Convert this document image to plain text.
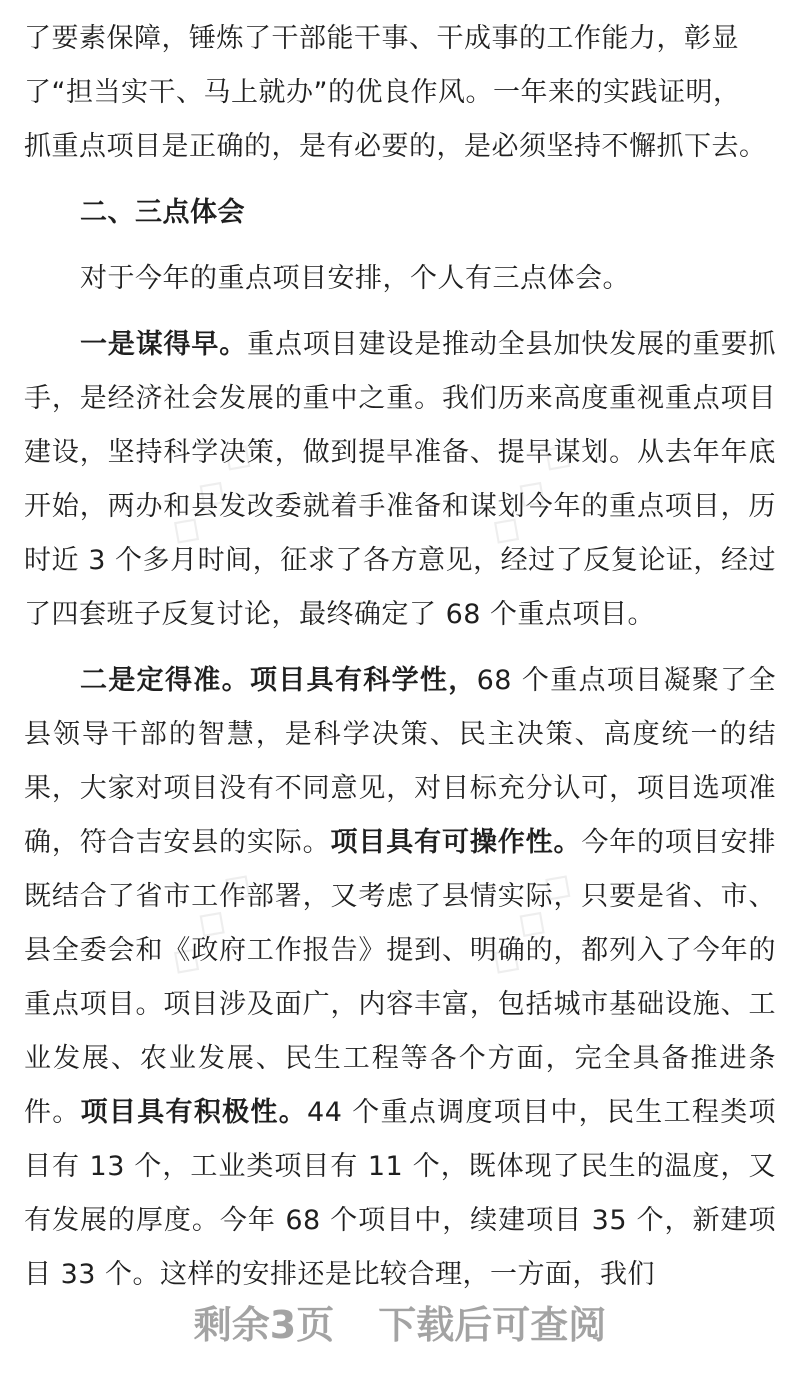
◇ ◇ ◇	◇ ◇ ◇
◇ ◇ ◇	◇ ◇ ◇

了要素保障，锤炼了干部能干事、干成事的工作能力，彰显
了“担当实干、马上就办”的优良作风。一年来的实践证明，
抓重点项目是正确的，是有必要的，是必须坚持不懈抓下去。

二、三点体会

对于今年的重点项目安排，个人有三点体会。

一是谋得早。重点项目建设是推动全县加快发展的重要抓手，是经济社会发展的重中之重。我们历来高度重视重点项目建设，坚持科学决策，做到提早准备、提早谋划。从去年年底开始，两办和县发改委就着手准备和谋划今年的重点项目，历时近 3 个多月时间，征求了各方意见，经过了反复论证，经过了四套班子反复讨论，最终确定了 68 个重点项目。

二是定得准。项目具有科学性，68 个重点项目凝聚了全县领导干部的智慧，是科学决策、民主决策、高度统一的结果，大家对项目没有不同意见，对目标充分认可，项目选项准确，符合吉安县的实际。项目具有可操作性。今年的项目安排既结合了省市工作部署，又考虑了县情实际，只要是省、市、县全委会和《政府工作报告》提到、明确的，都列入了今年的重点项目。项目涉及面广，内容丰富，包括城市基础设施、工业发展、农业发展、民生工程等各个方面，完全具备推进条件。项目具有积极性。44 个重点调度项目中，民生工程类项目有 13 个，工业类项目有 11 个，既体现了民生的温度，又有发展的厚度。今年 68 个项目中，续建项目 35 个，新建项目 33 个。这样的安排还是比较合理，一方面，我们

剩余3页 下载后可查阅
